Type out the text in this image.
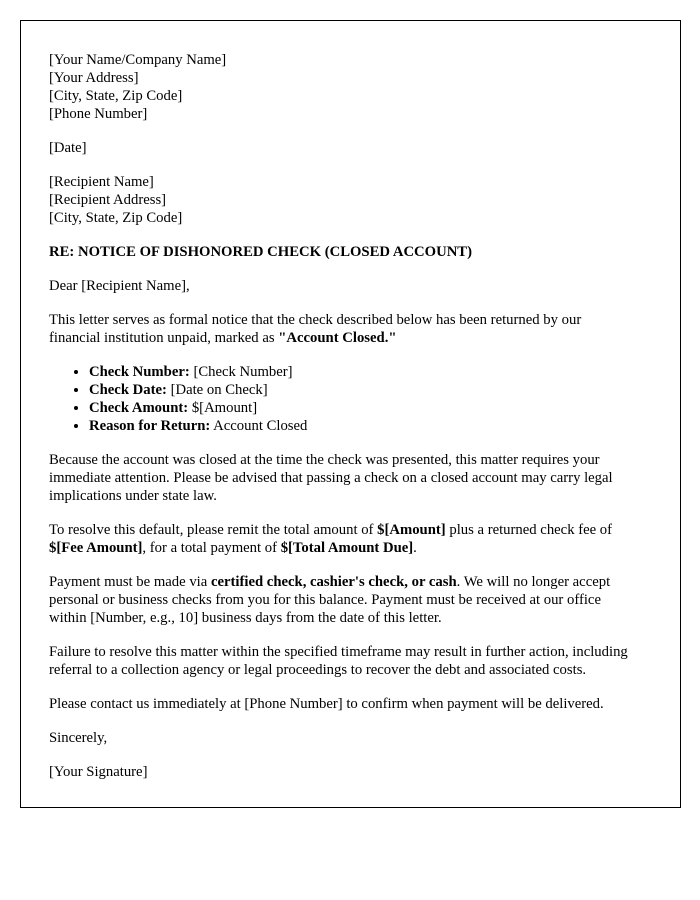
[Your Name/Company Name]
[Your Address]
[City, State, Zip Code]
[Phone Number]
[Date]
[Recipient Name]
[Recipient Address]
[City, State, Zip Code]

RE: NOTICE OF DISHONORED CHECK (CLOSED ACCOUNT)

Dear [Recipient Name],

This letter serves as formal notice that the check described below has been returned by our financial institution unpaid, marked as "Account Closed."

• Check Number: [Check Number]
• Check Date: [Date on Check]
• Check Amount: $[Amount]
• Reason for Return: Account Closed

Because the account was closed at the time the check was presented, this matter requires your immediate attention. Please be advised that passing a check on a closed account may carry legal implications under state law.

To resolve this default, please remit the total amount of $[Amount] plus a returned check fee of $[Fee Amount], for a total payment of $[Total Amount Due].

Payment must be made via certified check, cashier's check, or cash. We will no longer accept personal or business checks from you for this balance. Payment must be received at our office within [Number, e.g., 10] business days from the date of this letter.

Failure to resolve this matter within the specified timeframe may result in further action, including referral to a collection agency or legal proceedings to recover the debt and associated costs.

Please contact us immediately at [Phone Number] to confirm when payment will be delivered.

Sincerely,

[Your Signature]
